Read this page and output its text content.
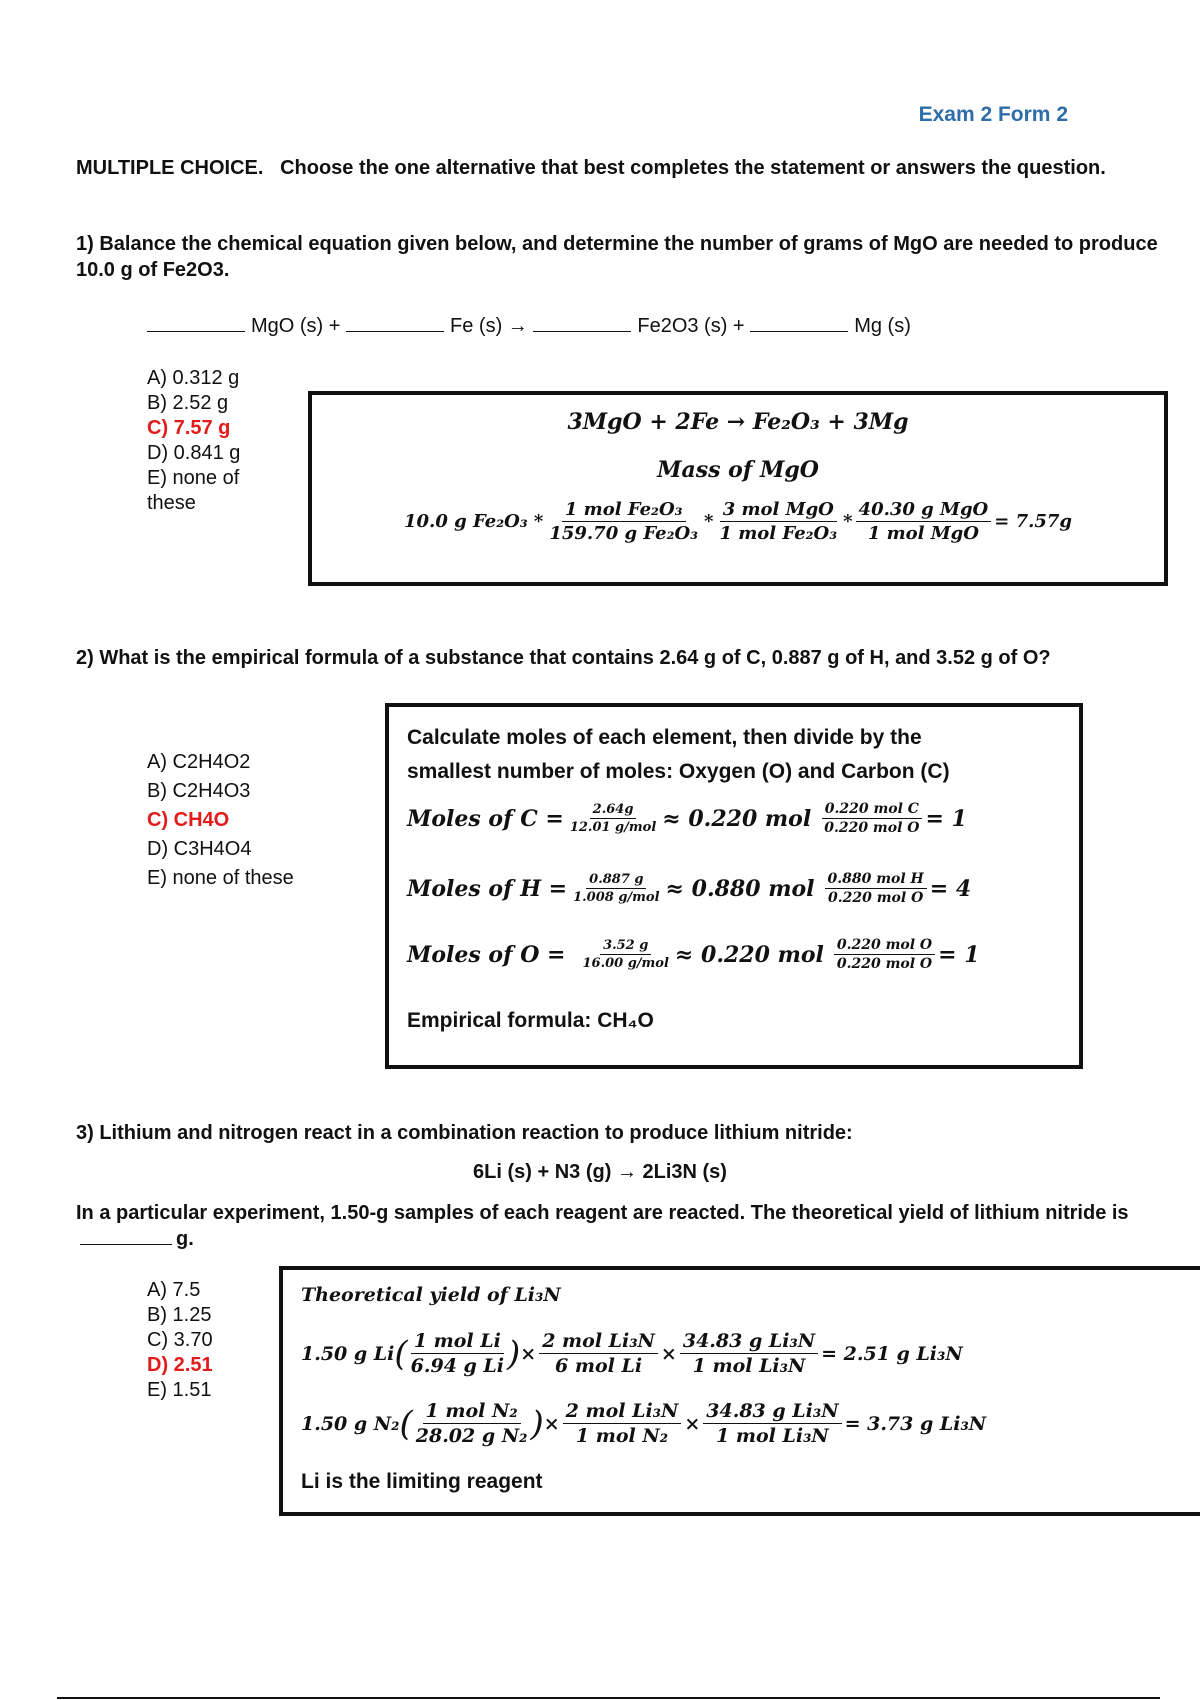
Exam 2 Form 2
MULTIPLE CHOICE. Choose the one alternative that best completes the statement or answers the question.
1) Balance the chemical equation given below, and determine the number of grams of MgO are needed to produce 10.0 g of Fe2O3.
MgO (s) +	Fe (s) →	Fe2O3 (s) +	Mg (s)
A) 0.312 g
B) 2.52 g
C) 7.57 g
D) 0.841 g
E) none of
these
3MgO + 2Fe → Fe₂O₃ + 3Mg
Mass of MgO
10.0 g $Fe_2O_3 * \frac{\text{1 mol Fe₂O₃}}{\text{159.70 g Fe₂O₃}} * \frac{\text{3 mol MgO}}{\text{1 mol Fe₂O₃}} * \frac{\text{40.30 g MgO}}{\text{1 mol MgO}} = 7.57g$
2) What is the empirical formula of a substance that contains 2.64 g of C, 0.887 g of H, and 3.52 g of O?
A) C2H4O2
B) C2H4O3
C) CH4O
D) C3H4O4
E) none of these
Calculate moles of each element, then divide by the
smallest number of moles: Oxygen (O) and Carbon (C)
Moles of $C = \frac{2.64g}{\text{12.01 g/mol}} \approx 0.220$ mol $\frac{\text{0.220 mol C}}{\text{0.220 mol O}} = 1$
Moles of $H = \frac{0.887 g}{\text{1.008 g/mol}} \approx 0.880$ mol $\frac{\text{0.880 mol H}}{\text{0.220 mol O}} = 4$
Moles of $O = \frac{3.52 g}{\text{16.00 g/mol}} \approx 0.220$ mol $\frac{\text{0.220 mol O}}{\text{0.220 mol O}} = 1$
Empirical formula: CH₄O
3) Lithium and nitrogen react in a combination reaction to produce lithium nitride:
6Li (s) + N3 (g) → 2Li3N (s)
In a particular experiment, 1.50-g samples of each reagent are reacted. The theoretical yield of lithium nitride is g.
A) 7.5
B) 1.25
C) 3.70
D) 2.51
E) 1.51
Theoretical yield of Li₃N
1.50 g Li ( $\frac{\text{1 mol Li}}{\text{6.94 g Li}}$ ) × $\frac{\text{2 mol Li₃N}}{\text{6 mol Li}} \times \frac{\text{34.83 g Li₃N}}{\text{1 mol Li₃N}} = 2.51$ g Li₃N
1.50 g N₂ ( $\frac{\text{1 mol N₂}}{\text{28.02 g N₂}}$ ) × $\frac{\text{2 mol Li₃N}}{\text{1 mol N₂}} \times \frac{\text{34.83 g Li₃N}}{\text{1 mol Li₃N}} = 3.73$ g Li₃N
Li is the limiting reagent
